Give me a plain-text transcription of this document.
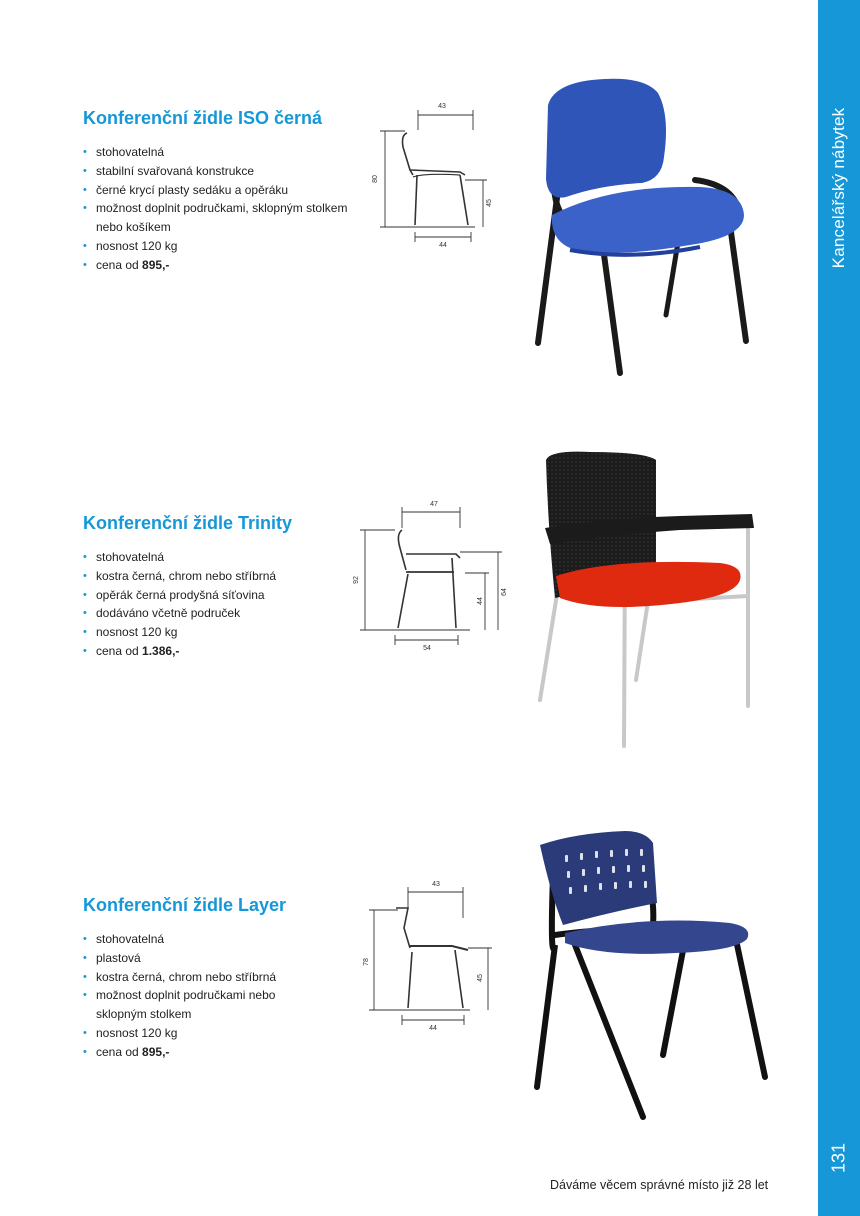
Kancelářský nábytek
131
Konferenční židle ISO černá
• stohovatelná
• stabilní svařovaná konstrukce
• černé krycí plasty sedáku a opěráku
• možnost doplnit područkami, sklopným stolkem nebo košíkem
• nosnost 120 kg
• cena od 895,-
43
80
45
44
Konferenční židle Trinity
• stohovatelná
• kostra černá, chrom nebo stříbrná
• opěrák černá prodyšná síťovina
• dodáváno včetně područek
• nosnost 120 kg
• cena od 1.386,-
47
92
64
44
54
Konferenční židle Layer
• stohovatelná
• plastová
• kostra černá, chrom nebo stříbrná
• možnost doplnit područkami nebo sklopným stolkem
• nosnost 120 kg
• cena od 895,-
43
78
45
44
Dáváme věcem správné místo již 28 let
